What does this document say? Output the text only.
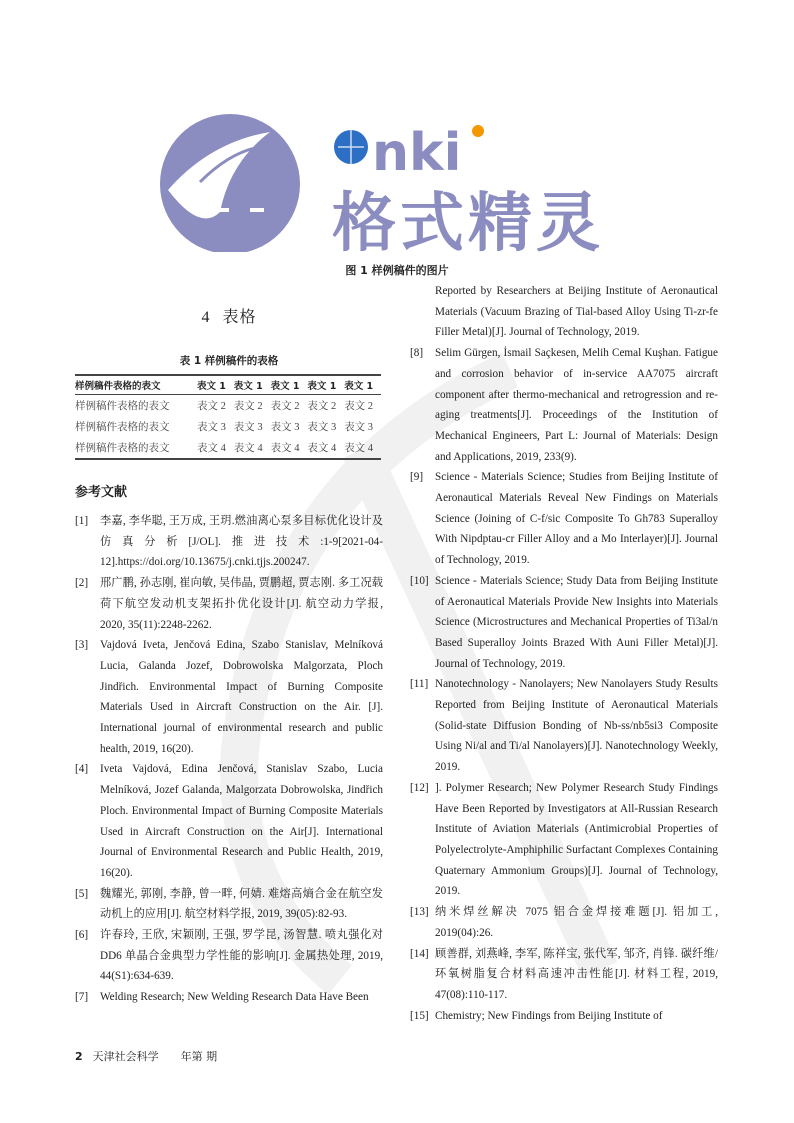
nki
格式精灵
图 1 样例稿件的图片
4 表格
表 1 样例稿件的表格
样例稿件表格的表文	表文 1	表文 1	表文 1	表文 1	表文 1
样例稿件表格的表文	表文 2	表文 2	表文 2	表文 2	表文 2
样例稿件表格的表文	表文 3	表文 3	表文 3	表文 3	表文 3
样例稿件表格的表文	表文 4	表文 4	表文 4	表文 4	表文 4
参考文献
[1] 李嘉, 李华聪, 王万成, 王玥.燃油离心泵多目标优化设计及仿真分析[J/OL].推进技术:1-9[2021-04-12].https://doi.org/10.13675/j.cnki.tjjs.200247.
[2] 邢广鹏, 孙志刚, 崔向敏, 吴伟晶, 贾鹏超, 贾志刚. 多工况载荷下航空发动机支架拓扑优化设计[J]. 航空动力学报, 2020, 35(11):2248-2262.
[3] Vajdová Iveta, Jenčová Edina, Szabo Stanislav, Melníková Lucia, Galanda Jozef, Dobrowolska Malgorzata, Ploch Jindřich. Environmental Impact of Burning Composite Materials Used in Aircraft Construction on the Air. [J]. International journal of environmental research and public health, 2019, 16(20).
[4] Iveta Vajdová, Edina Jenčová, Stanislav Szabo, Lucia Melníková, Jozef Galanda, Malgorzata Dobrowolska, Jindřich Ploch. Environmental Impact of Burning Composite Materials Used in Aircraft Construction on the Air[J]. International Journal of Environmental Research and Public Health, 2019, 16(20).
[5] 魏耀光, 郭刚, 李静, 曾一畔, 何婧. 难熔高熵合金在航空发动机上的应用[J]. 航空材料学报, 2019, 39(05):82-93.
[6] 许春玲, 王欣, 宋颖刚, 王强, 罗学昆, 汤智慧. 喷丸强化对 DD6 单晶合金典型力学性能的影响[J]. 金属热处理, 2019, 44(S1):634-639.
[7] Welding Research; New Welding Research Data Have Been
Reported by Researchers at Beijing Institute of Aeronautical Materials (Vacuum Brazing of Tial-based Alloy Using Ti-zr-fe Filler Metal)[J]. Journal of Technology, 2019.
[8] Selim Gürgen, İsmail Saçkesen, Melih Cemal Kuşhan. Fatigue and corrosion behavior of in-service AA7075 aircraft component after thermo-mechanical and retrogression and re-aging treatments[J]. Proceedings of the Institution of Mechanical Engineers, Part L: Journal of Materials: Design and Applications, 2019, 233(9).
[9] Science - Materials Science; Studies from Beijing Institute of Aeronautical Materials Reveal New Findings on Materials Science (Joining of C-f/sic Composite To Gh783 Superalloy With Nipdptau-cr Filler Alloy and a Mo Interlayer)[J]. Journal of Technology, 2019.
[10] Science - Materials Science; Study Data from Beijing Institute of Aeronautical Materials Provide New Insights into Materials Science (Microstructures and Mechanical Properties of Ti3al/n Based Superalloy Joints Brazed With Auni Filler Metal)[J]. Journal of Technology, 2019.
[11] Nanotechnology - Nanolayers; New Nanolayers Study Results Reported from Beijing Institute of Aeronautical Materials (Solid-state Diffusion Bonding of Nb-ss/nb5si3 Composite Using Ni/al and Ti/al Nanolayers)[J]. Nanotechnology Weekly, 2019.
[12] ]. Polymer Research; New Polymer Research Study Findings Have Been Reported by Investigators at All-Russian Research Institute of Aviation Materials (Antimicrobial Properties of Polyelectrolyte-Amphiphilic Surfactant Complexes Containing Quaternary Ammonium Groups)[J]. Journal of Technology, 2019.
[13] 纳米焊丝解决 7075 铝合金焊接难题[J]. 铝加工, 2019(04):26.
[14] 顾善群, 刘燕峰, 李军, 陈祥宝, 张代军, 邹齐, 肖锋. 碳纤维/环氧树脂复合材料高速冲击性能[J]. 材料工程, 2019, 47(08):110-117.
[15] Chemistry; New Findings from Beijing Institute of
2 天津社会科学 年第 期
